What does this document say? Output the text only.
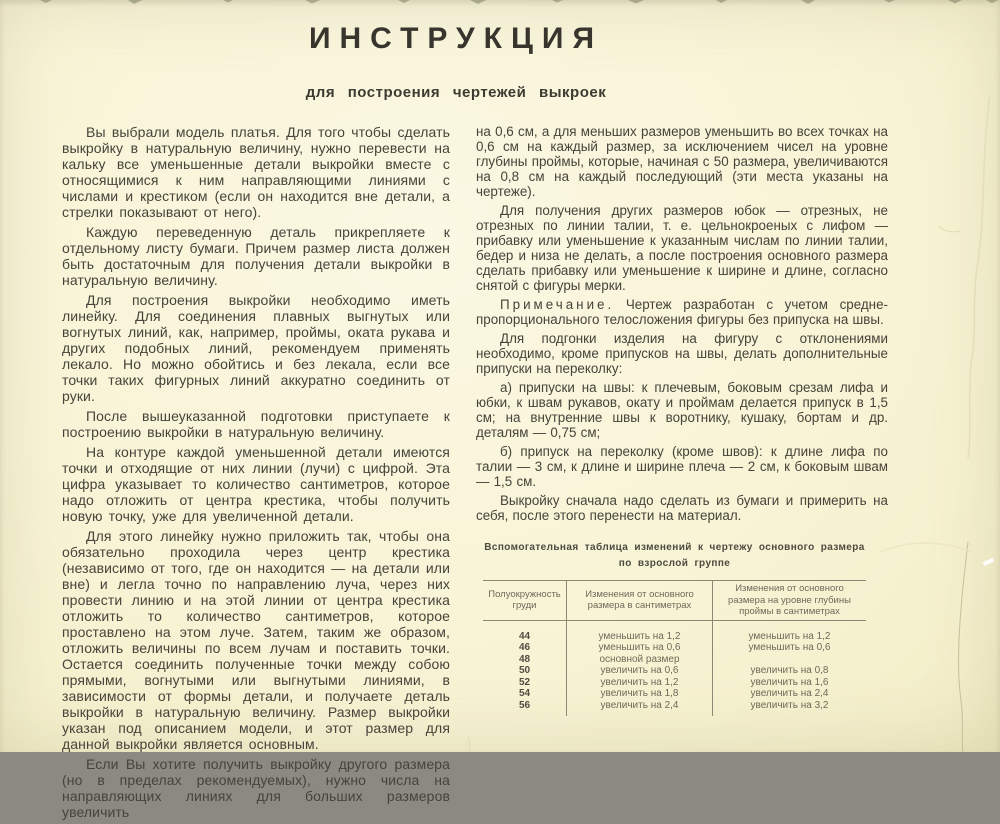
ИНСТРУКЦИЯ
для построения чертежей выкроек

Вы выбрали модель платья. Для того чтобы сделать выкройку в натуральную величину, нужно перевести на кальку все уменьшенные детали выкройки вместе с относящимися к ним направляющими линиями с числами и крестиком (если он находится вне детали, а стрелки показывают от него).

Каждую переведенную деталь прикрепляете к отдельному листу бумаги. Причем размер листа должен быть достаточным для получения детали выкройки в натуральную величину.

Для построения выкройки необходимо иметь линейку. Для соединения плавных выгнутых или вогнутых линий, как, например, проймы, оката рукава и других подобных линий, рекомендуем применять лекало. Но можно обойтись и без лекала, если все точки таких фигурных линий аккуратно соединить от руки.

После вышеуказанной подготовки приступаете к построению выкройки в натуральную величину.

На контуре каждой уменьшенной детали имеются точки и отходящие от них линии (лучи) с цифрой. Эта цифра указывает то количество сантиметров, которое надо отложить от центра крестика, чтобы получить новую точку, уже для увеличенной детали.

Для этого линейку нужно приложить так, чтобы она обязательно проходила через центр крестика (независимо от того, где он находится — на детали или вне) и легла точно по направлению луча, через них провести линию и на этой линии от центра крестика отложить то количество сантиметров, которое проставлено на этом луче. Затем, таким же образом, отложить величины по всем лучам и поставить точки. Остается соединить полученные точки между собою прямыми, вогнутыми или выгнутыми линиями, в зависимости от формы детали, и получаете деталь выкройки в натуральную величину. Размер выкройки указан под описанием модели, и этот размер для данной выкройки является основным.

Если Вы хотите получить выкройку другого размера (но в пределах рекомендуемых), нужно числа на направляющих линиях для больших размеров увеличить

на 0,6 см, а для меньших размеров уменьшить во всех точках на 0,6 см на каждый размер, за исключением чисел на уровне глубины проймы, которые, начиная с 50 размера, увеличиваются на 0,8 см на каждый последующий (эти места указаны на чертеже).

Для получения других размеров юбок — отрезных, не отрезных по линии талии, т. е. цельнокроеных с лифом — прибавку или уменьшение к указанным числам по линии талии, бедер и низа не делать, а после построения основного размера сделать прибавку или уменьшение к ширине и длине, согласно снятой с фигуры мерки.

Примечание. Чертеж разработан с учетом среднепропорционального телосложения фигуры без припуска на швы.

Для подгонки изделия на фигуру с отклонениями необходимо, кроме припусков на швы, делать дополнительные припуски на переколку:

а) припуски на швы: к плечевым, боковым срезам лифа и юбки, к швам рукавов, окату и проймам делается припуск в 1,5 см; на внутренние швы к воротнику, кушаку, бортам и др. деталям — 0,75 см;

б) припуск на переколку (кроме швов): к длине лифа по талии — 3 см, к длине и ширине плеча — 2 см, к боковым швам — 1,5 см.

Выкройку сначала надо сделать из бумаги и примерить на себя, после этого перенести на материал.

Вспомогательная таблица изменений к чертежу основного размера
по взрослой группе
Полуокружность груди
Изменения от основного размера в сантиметрах
Изменения от основного размера на уровне глубины проймы в сантиметрах
44
46
48
50
52
54
56
уменьшить на 1,2
уменьшить на 0,6
основной размер
увеличить на 0,6
увеличить на 1,2
увеличить на 1,8
увеличить на 2,4
уменьшить на 1,2
уменьшить на 0,6
увеличить на 0,8
увеличить на 1,6
увеличить на 2,4
увеличить на 3,2
